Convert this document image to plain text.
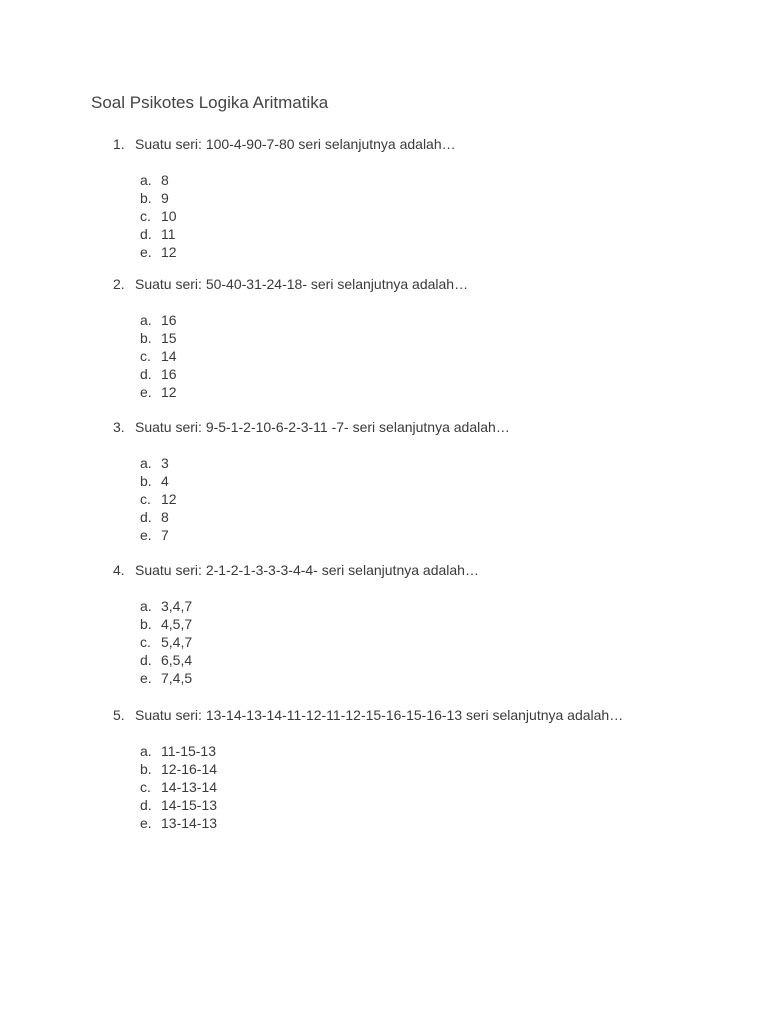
Soal Psikotes Logika Aritmatika
1. Suatu seri: 100-4-90-7-80 seri selanjutnya adalah…
a. 8
b. 9
c. 10
d. 11
e. 12
2. Suatu seri: 50-40-31-24-18- seri selanjutnya adalah…
a. 16
b. 15
c. 14
d. 16
e. 12
3. Suatu seri: 9-5-1-2-10-6-2-3-11 -7- seri selanjutnya adalah…
a. 3
b. 4
c. 12
d. 8
e. 7
4. Suatu seri: 2-1-2-1-3-3-3-4-4- seri selanjutnya adalah…
a. 3,4,7
b. 4,5,7
c. 5,4,7
d. 6,5,4
e. 7,4,5
5. Suatu seri: 13-14-13-14-11-12-11-12-15-16-15-16-13 seri selanjutnya adalah…
a. 11-15-13
b. 12-16-14
c. 14-13-14
d. 14-15-13
e. 13-14-13
